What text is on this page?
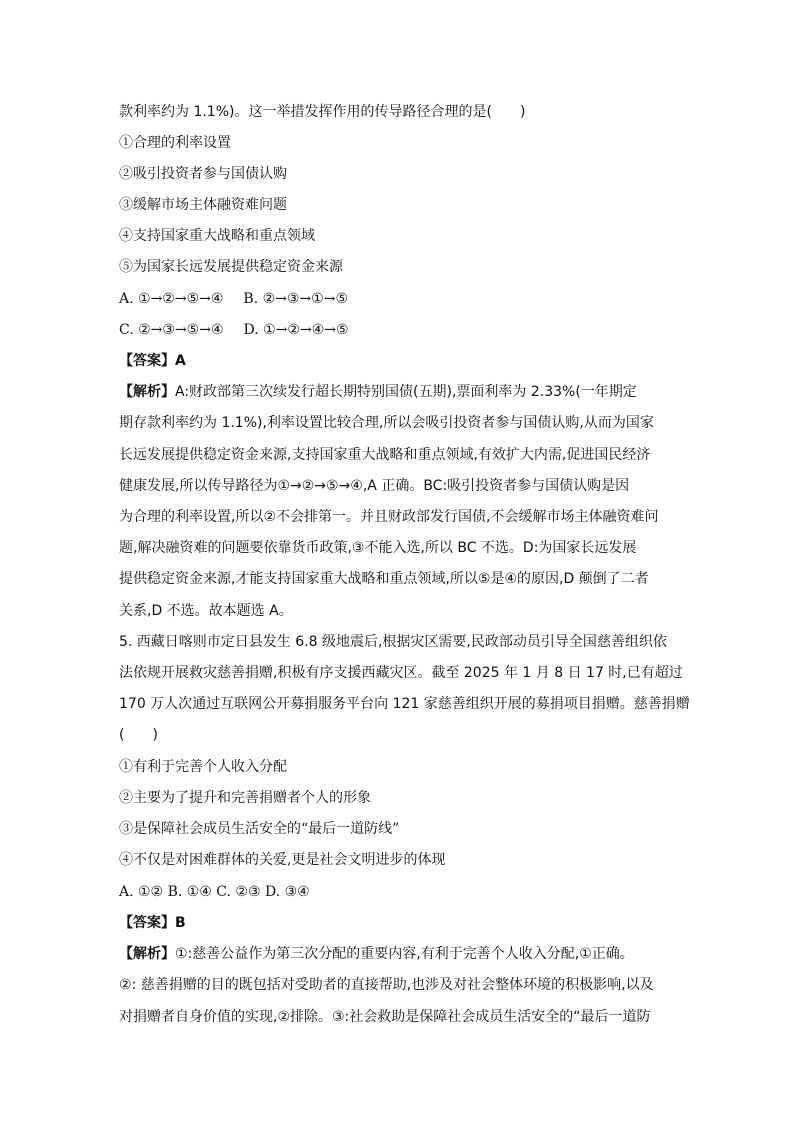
款利率约为 1.1%)。这一举措发挥作用的传导路径合理的是(　　)
①合理的利率设置
②吸引投资者参与国债认购
③缓解市场主体融资难问题
④支持国家重大战略和重点领域
⑤为国家长远发展提供稳定资金来源
A. ①→②→⑤→④ B. ②→③→①→⑤
C. ②→③→⑤→④ D. ①→②→④→⑤
【答案】A
【解析】A:财政部第三次续发行超长期特别国债(五期),票面利率为 2.33%(一年期定
期存款利率约为 1.1%),利率设置比较合理,所以会吸引投资者参与国债认购,从而为国家
长远发展提供稳定资金来源,支持国家重大战略和重点领域,有效扩大内需,促进国民经济
健康发展,所以传导路径为①→②→⑤→④,A 正确。BC:吸引投资者参与国债认购是因
为合理的利率设置,所以②不会排第一。并且财政部发行国债,不会缓解市场主体融资难问
题,解决融资难的问题要依靠货币政策,③不能入选,所以 BC 不选。D:为国家长远发展
提供稳定资金来源,才能支持国家重大战略和重点领域,所以⑤是④的原因,D 颠倒了二者
关系,D 不选。故本题选 A。
5. 西藏日喀则市定日县发生 6.8 级地震后,根据灾区需要,民政部动员引导全国慈善组织依
法依规开展救灾慈善捐赠,积极有序支援西藏灾区。截至 2025 年 1 月 8 日 17 时,已有超过
170 万人次通过互联网公开募捐服务平台向 121 家慈善组织开展的募捐项目捐赠。慈善捐赠
(　　)
①有利于完善个人收入分配
②主要为了提升和完善捐赠者个人的形象
③是保障社会成员生活安全的“最后一道防线”
④不仅是对困难群体的关爱,更是社会文明进步的体现
A. ①② B. ①④ C. ②③ D. ③④
【答案】B
【解析】①:慈善公益作为第三次分配的重要内容,有利于完善个人收入分配,①正确。
②: 慈善捐赠的目的既包括对受助者的直接帮助,也涉及对社会整体环境的积极影响,以及
对捐赠者自身价值的实现,②排除。③:社会救助是保障社会成员生活安全的“最后一道防
